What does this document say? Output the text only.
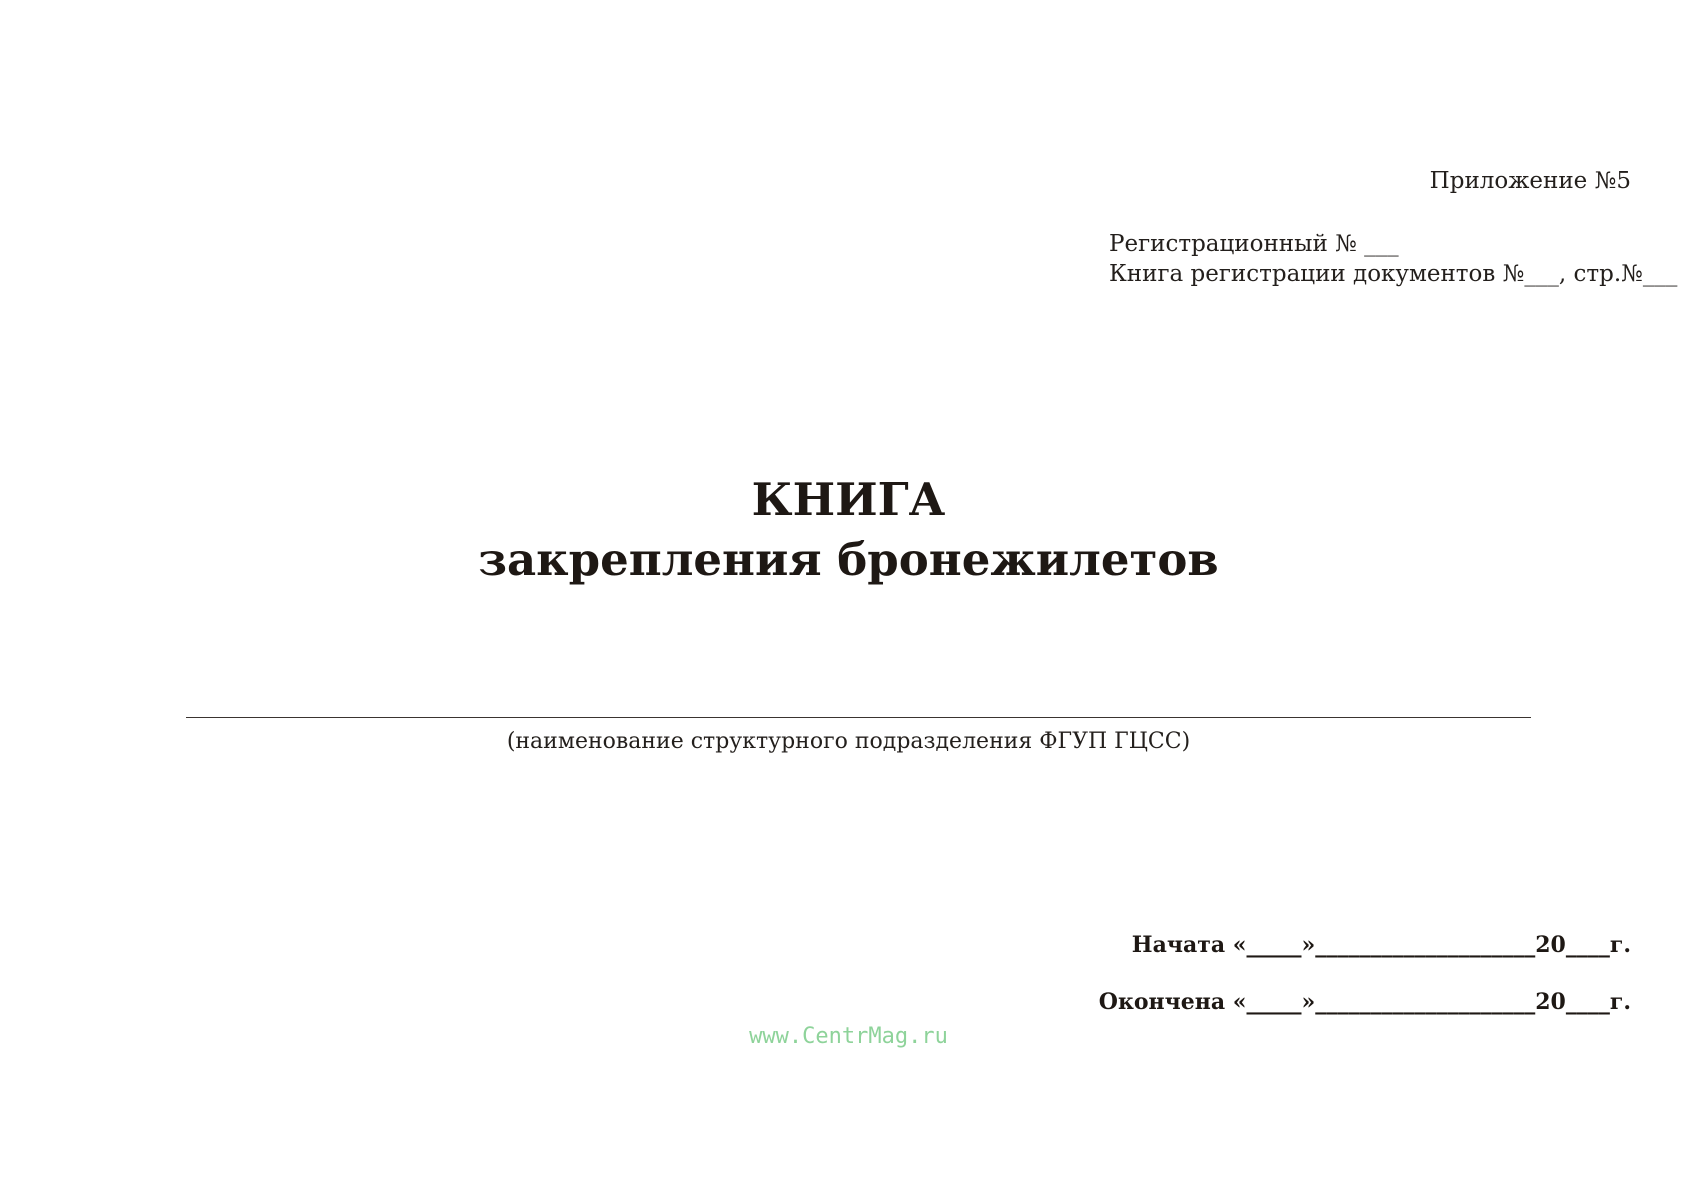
Приложение №5
Регистрационный № ___
Книга регистрации документов №___, стр.№___
КНИГА
закрепления бронежилетов
(наименование структурного подразделения ФГУП ГЦСС)
Начата «_____»____________________20____г.
Окончена «_____»____________________20____г.
www.CentrMag.ru
